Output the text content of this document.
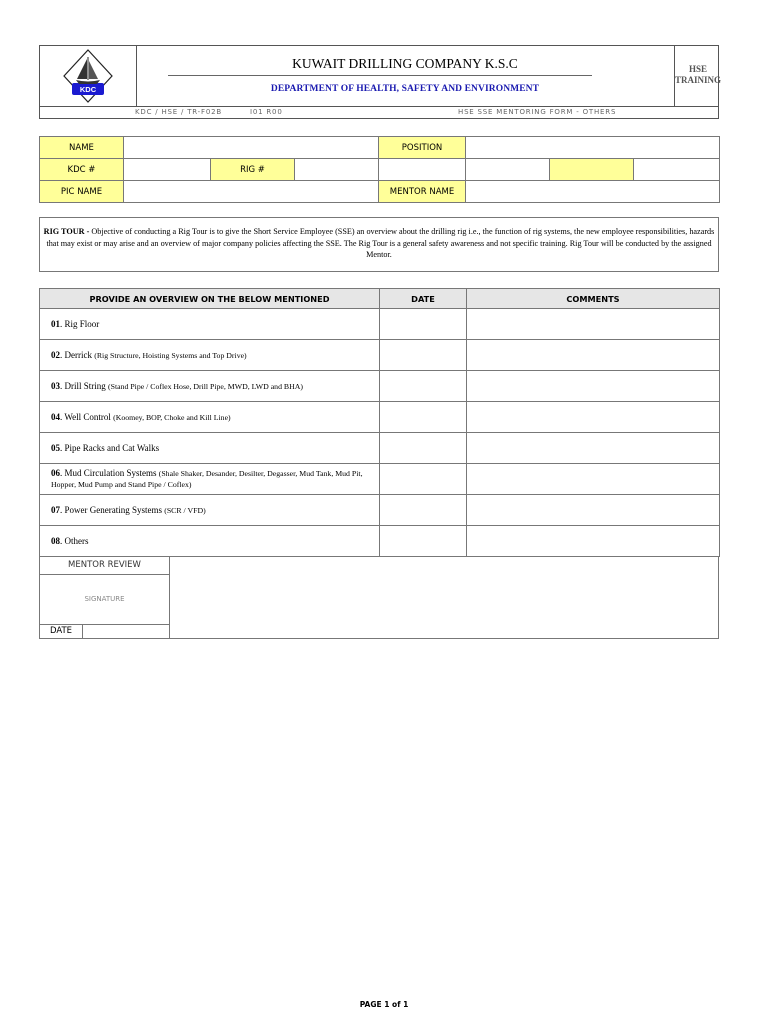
KDC
KUWAIT DRILLING COMPANY K.S.C
DEPARTMENT OF HEALTH, SAFETY AND ENVIRONMENT
HSE
TRAINING
KDC / HSE / TR-F02B	I01 R00	HSE SSE MENTORING FORM - OTHERS
NAME				POSITION			
KDC #		RIG #					
PIC NAME				MENTOR NAME			
RIG TOUR - Objective of conducting a Rig Tour is to give the Short Service Employee (SSE) an overview about the drilling rig i.e., the function of rig systems, the new employee responsibilities, hazards that may exist or may arise and an overview of major company policies affecting the SSE. The Rig Tour is a general safety awareness and not specific training. Rig Tour will be conducted by the assigned Mentor.
PROVIDE AN OVERVIEW ON THE BELOW MENTIONED	DATE	COMMENTS
01. Rig Floor		
02. Derrick (Rig Structure, Hoisting Systems and Top Drive)		
03. Drill String (Stand Pipe / Coflex Hose, Drill Pipe, MWD, LWD and BHA)		
04. Well Control (Koomey, BOP, Choke and Kill Line)		
05. Pipe Racks and Cat Walks		
06. Mud Circulation Systems (Shale Shaker, Desander, Desilter, Degasser, Mud Tank, Mud Pit, Hopper, Mud Pump and Stand Pipe / Coflex)		
07. Power Generating Systems (SCR / VFD)		
08. Others		
MENTOR REVIEW
SIGNATURE
DATE
PAGE 1 of 1
